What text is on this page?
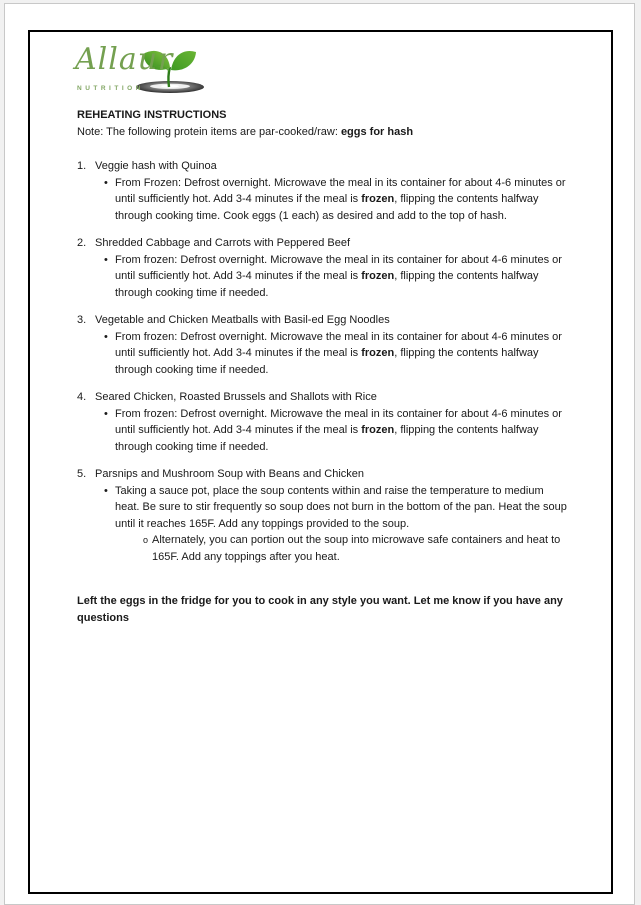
Allaur
NUTRITION
REHEATING INSTRUCTIONS
Note: The following protein items are par-cooked/raw: eggs for hash
1. Veggie hash with Quinoa
• From Frozen: Defrost overnight. Microwave the meal in its container for about 4-6 minutes or until sufficiently hot. Add 3-4 minutes if the meal is frozen, flipping the contents halfway through cooking time. Cook eggs (1 each) as desired and add to the top of hash.
2. Shredded Cabbage and Carrots with Peppered Beef
• From frozen: Defrost overnight. Microwave the meal in its container for about 4-6 minutes or until sufficiently hot. Add 3-4 minutes if the meal is frozen, flipping the contents halfway through cooking time if needed.
3. Vegetable and Chicken Meatballs with Basil-ed Egg Noodles
• From frozen: Defrost overnight. Microwave the meal in its container for about 4-6 minutes or until sufficiently hot. Add 3-4 minutes if the meal is frozen, flipping the contents halfway through cooking time if needed.
4. Seared Chicken, Roasted Brussels and Shallots with Rice
• From frozen: Defrost overnight. Microwave the meal in its container for about 4-6 minutes or until sufficiently hot. Add 3-4 minutes if the meal is frozen, flipping the contents halfway through cooking time if needed.
5. Parsnips and Mushroom Soup with Beans and Chicken
• Taking a sauce pot, place the soup contents within and raise the temperature to medium heat. Be sure to stir frequently so soup does not burn in the bottom of the pan. Heat the soup until it reaches 165F. Add any toppings provided to the soup.
o Alternately, you can portion out the soup into microwave safe containers and heat to 165F. Add any toppings after you heat.
Left the eggs in the fridge for you to cook in any style you want. Let me know if you have any questions
